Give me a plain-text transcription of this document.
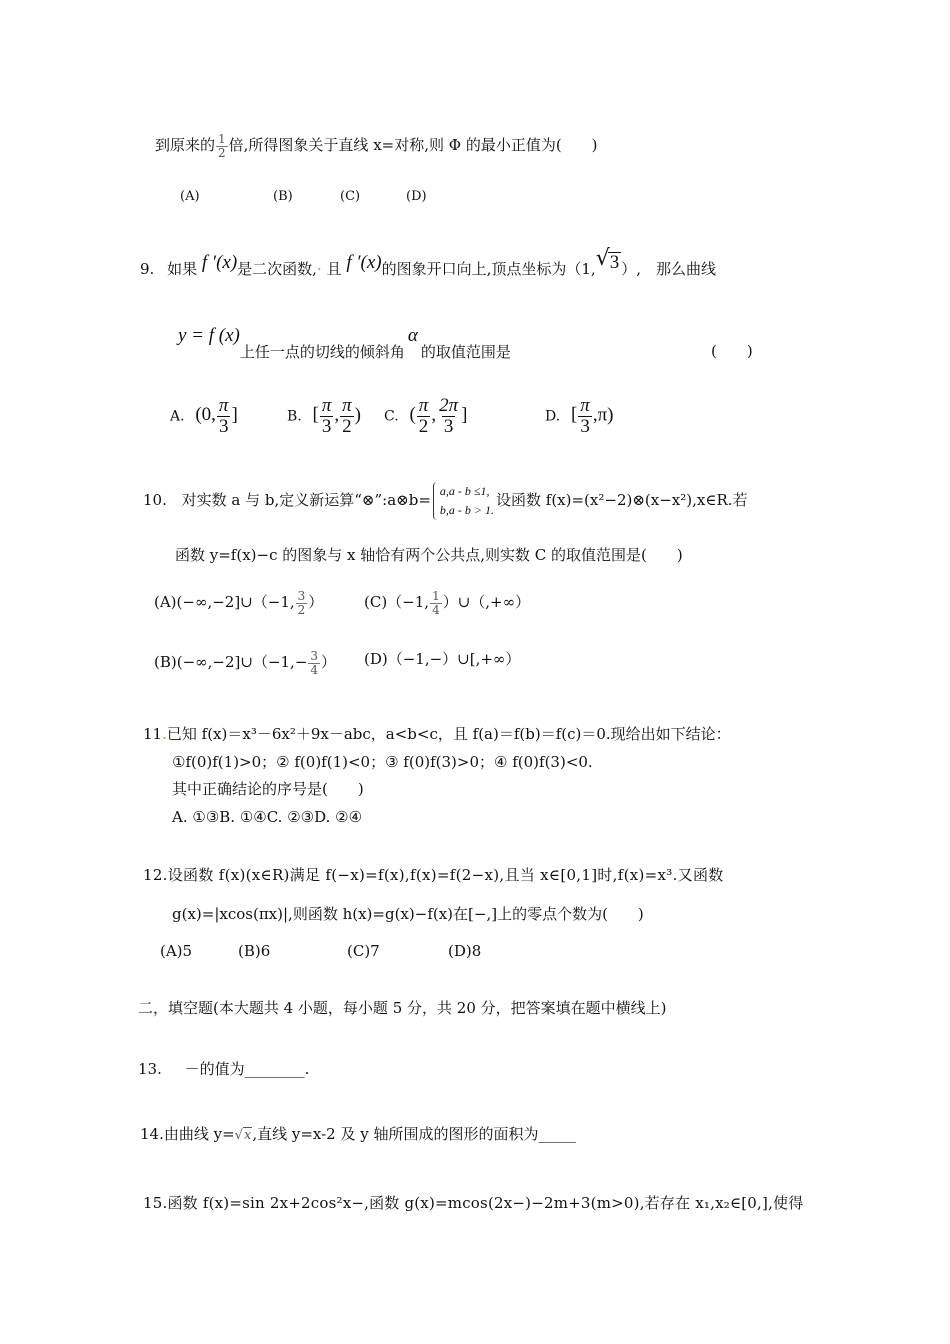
到原来的 $\frac{1}{2}$ 倍,所得图象关于直线 x=对称,则 Φ 的最小正值为(　　)
(A)	(B)	(C)	(D)
9. 如果 f ′(x)是二次函数,· 且 f ′(x)的图象开口向上,顶点坐标为（1, √ 3 ）,　那么曲线
y = f (x)上任一点的切线的倾斜角α的取值范围是	(　　)
A. (0, $\frac{\pi}{3}$ ]	B. [ $\frac{\pi}{3}$ , $\frac{\pi}{2}$ ) C. ( $\frac{\pi}{2}$ , $\frac{2\pi}{3}$ ]	D. [ $\frac{\pi}{3} ,\pi$)
10. 对实数 a 与 b,定义新运算“⊗”:a⊗b=
a,a - b ≤1,
b,a - b > 1.
设函数 f(x)=(x²−2)⊗(x−x²),x∈R.若
函数 y=f(x)−c 的图象与 x 轴恰有两个公共点,则实数 C 的取值范围是(　　)
(A)(−∞,−2]∪（−1, $\frac{3}{2}$ ）	(C)（−1, $\frac{1}{4}$ ）∪（,+∞）
(B)(−∞,−2]∪（−1,− $\frac{3}{4}$ ） (D)（−1,−）∪[,+∞）
11.已知 f(x)＝x³－6x²＋9x－abc，a<b<c，且 f(a)＝f(b)＝f(c)＝0.现给出如下结论：
①f(0)f(1)>0；② f(0)f(1)<0；③ f(0)f(3)>0；④ f(0)f(3)<0.
其中正确结论的序号是(　　)
A. ①③B. ①④C. ②③D. ②④
12.设函数 f(x)(x∈R)满足 f(−x)=f(x),f(x)=f(2−x),且当 x∈[0,1]时,f(x)=x³.又函数
g(x)=|xcos(πx)|,则函数 h(x)=g(x)−f(x)在[−,]上的零点个数为(　　)
(A)5	(B)6	(C)7	(D)8
二，填空题(本大题共 4 小题，每小题 5 分，共 20 分，把答案填在题中横线上)
13. －的值为________.
14.由曲线 y=√x,直线 y=x-2 及 y 轴所围成的图形的面积为_____
15.函数 f(x)=sin 2x+2cos²x−,函数 g(x)=mcos(2x−)−2m+3(m>0),若存在 x₁,x₂∈[0,],使得
